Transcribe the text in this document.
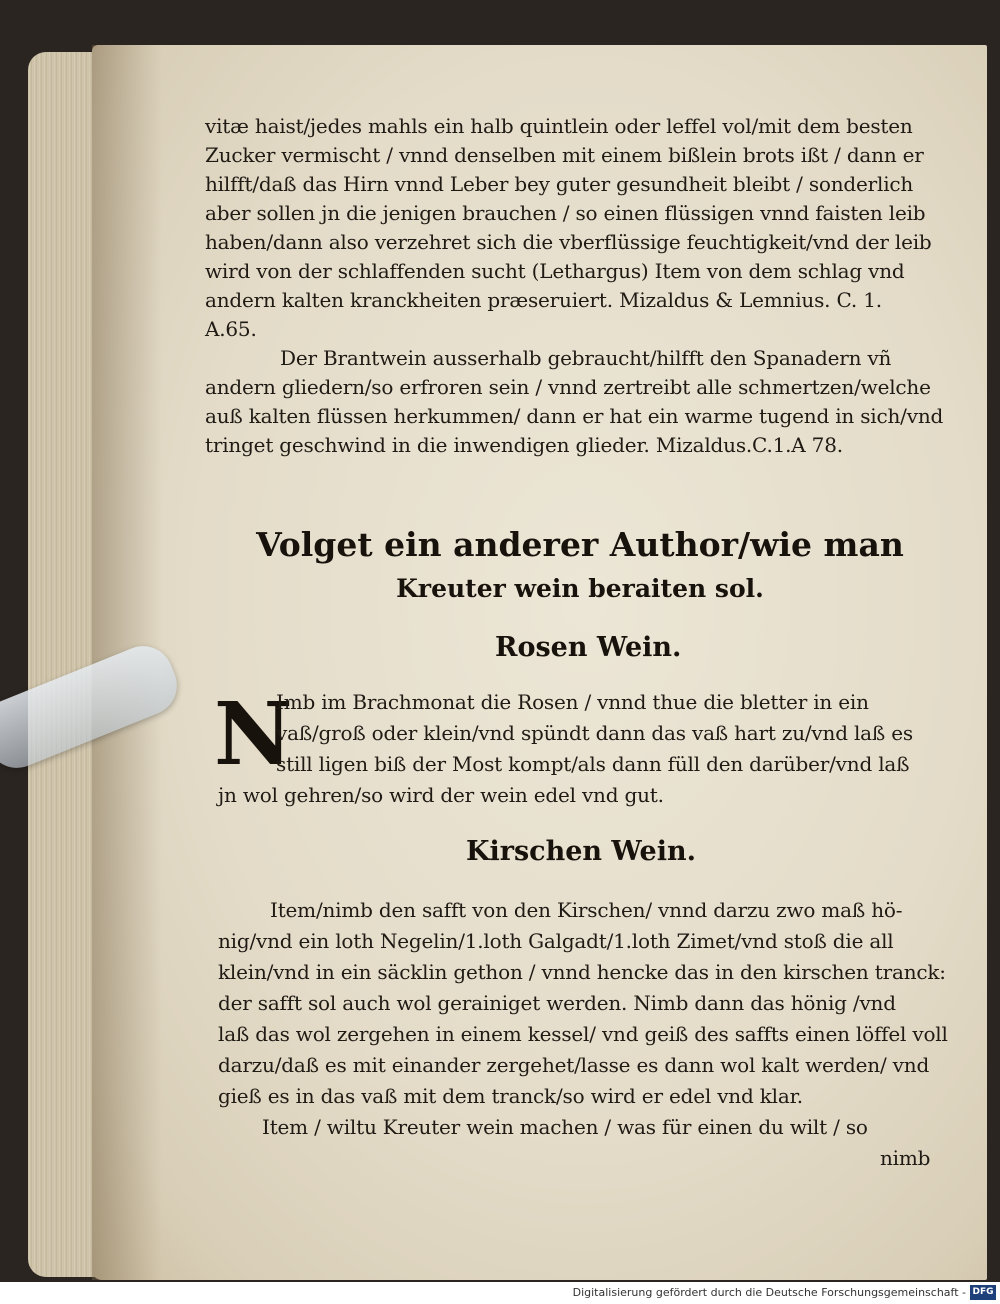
vitæ haist/jedes mahls ein halb quintlein oder leffel vol/mit dem besten
Zucker vermischt / vnnd denselben mit einem bißlein brots ißt / dann er
hilfft/daß das Hirn vnnd Leber bey guter gesundheit bleibt / sonderlich
aber sollen jn die jenigen brauchen / so einen flüssigen vnnd faisten leib
haben/dann also verzehret sich die vberflüssige feuchtigkeit/vnd der leib
wird von der schlaffenden sucht (Lethargus) Item von dem schlag vnd
andern kalten kranckheiten præseruiert. Mizaldus & Lemnius. C. 1.
A.65.
Der Brantwein ausserhalb gebraucht/hilfft den Spanadern vñ
andern gliedern/so erfroren sein / vnnd zertreibt alle schmertzen/welche
auß kalten flüssen herkummen/ dann er hat ein warme tugend in sich/vnd
tringet geschwind in die inwendigen glieder. Mizaldus.C.1.A 78.
Volget ein anderer Author/wie man
Kreuter wein beraiten sol.
Rosen Wein.
N
Imb im Brachmonat die Rosen / vnnd thue die bletter in ein
vaß/groß oder klein/vnd spündt dann das vaß hart zu/vnd laß es
still ligen biß der Most kompt/als dann füll den darüber/vnd laß
jn wol gehren/so wird der wein edel vnd gut.
Kirschen Wein.
Item/nimb den safft von den Kirschen/ vnnd darzu zwo maß hö-
nig/vnd ein loth Negelin/1.loth Galgadt/1.loth Zimet/vnd stoß die all
klein/vnd in ein säcklin gethon / vnnd hencke das in den kirschen tranck:
der safft sol auch wol gerainiget werden. Nimb dann das hönig /vnd
laß das wol zergehen in einem kessel/ vnd geiß des saffts einen löffel voll
darzu/daß es mit einander zergehet/lasse es dann wol kalt werden/ vnd
gieß es in das vaß mit dem tranck/so wird er edel vnd klar.
Item / wiltu Kreuter wein machen / was für einen du wilt / so
nimb
Digitalisierung gefördert durch die Deutsche Forschungsgemeinschaft - DFG
